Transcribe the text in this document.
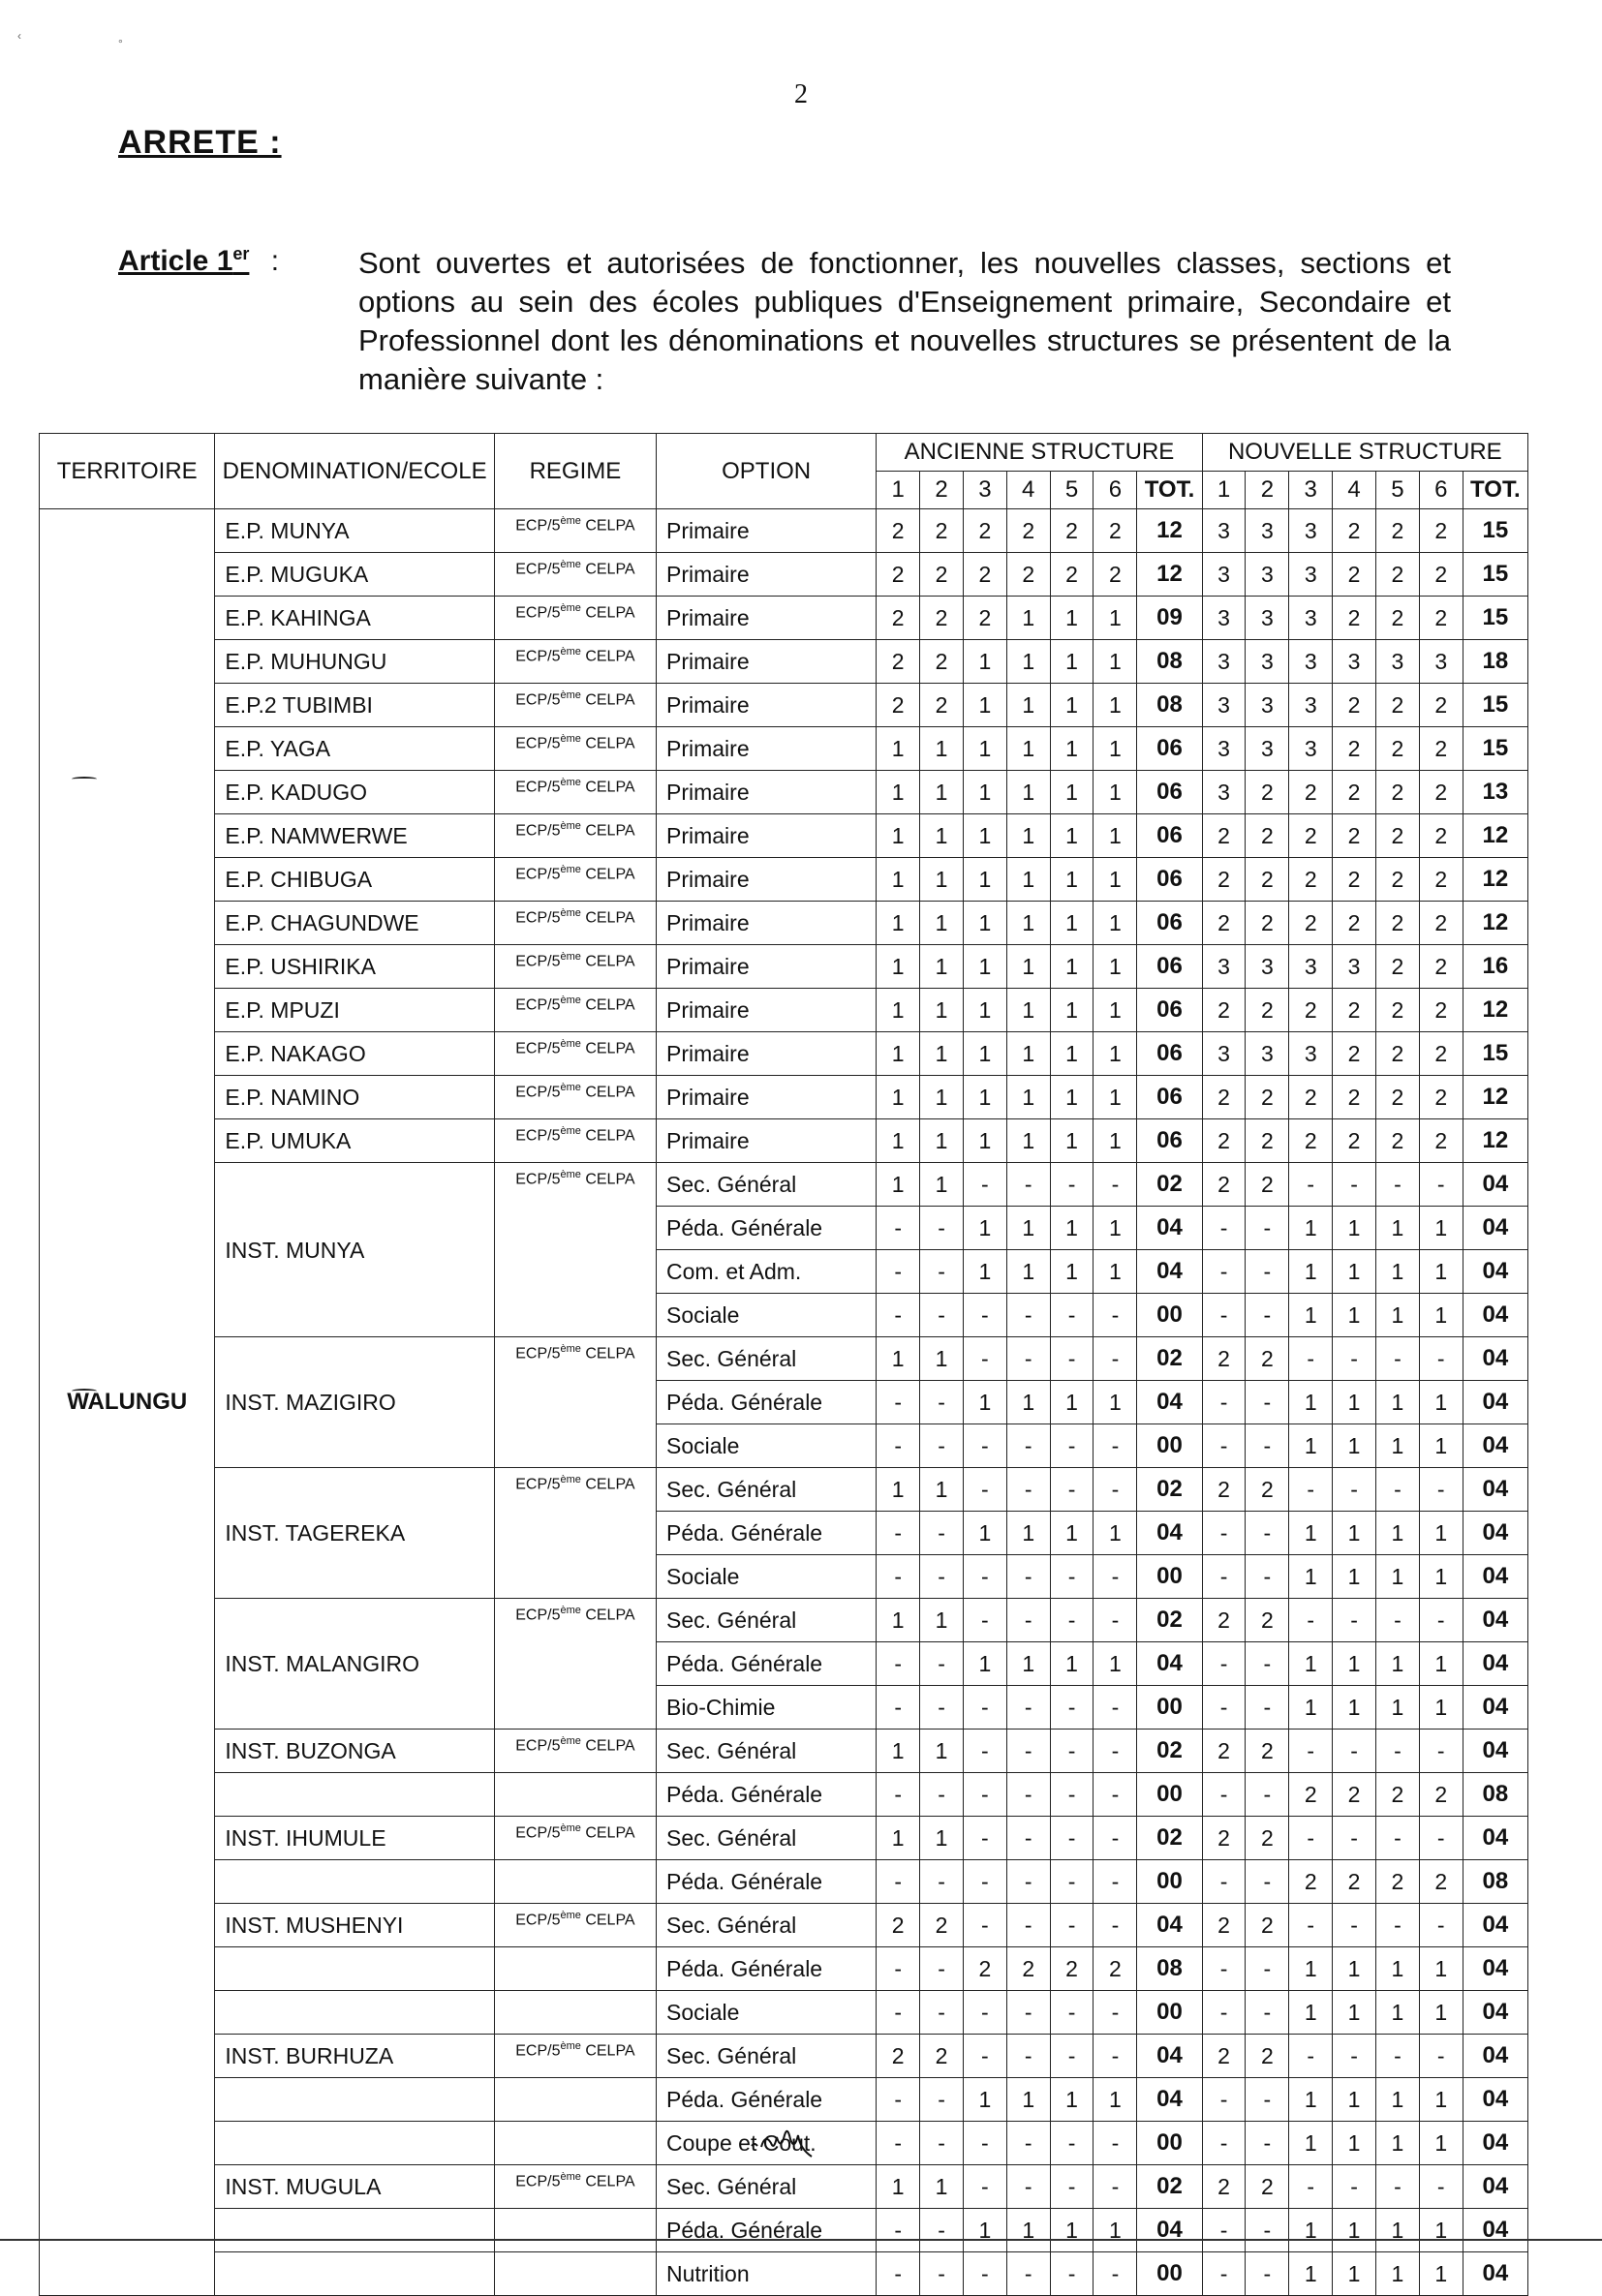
‹
°
2
ARRETE :
Article 1er :	Sont ouvertes et autorisées de fonctionner, les nouvelles classes, sections et options au sein des écoles publiques d'Enseignement primaire, Secondaire et Professionnel dont les dénominations et nouvelles structures se présentent de la manière suivante :
TERRITOIRE	DENOMINATION/ECOLE	REGIME	OPTION	ANCIENNE STRUCTURE							NOUVELLE STRUCTURE						
				1	2	3	4	5	6	TOT.	1	2	3	4	5	6	TOT.
WALUNGU	E.P. MUNYA	ECP/5ème CELPA	Primaire	2	2	2	2	2	2	12	3	3	3	2	2	2	15
	E.P. MUGUKA	ECP/5ème CELPA	Primaire	2	2	2	2	2	2	12	3	3	3	2	2	2	15
	E.P. KAHINGA	ECP/5ème CELPA	Primaire	2	2	2	1	1	1	09	3	3	3	2	2	2	15
	E.P. MUHUNGU	ECP/5ème CELPA	Primaire	2	2	1	1	1	1	08	3	3	3	3	3	3	18
	E.P.2 TUBIMBI	ECP/5ème CELPA	Primaire	2	2	1	1	1	1	08	3	3	3	2	2	2	15
	E.P. YAGA	ECP/5ème CELPA	Primaire	1	1	1	1	1	1	06	3	3	3	2	2	2	15
	E.P. KADUGO	ECP/5ème CELPA	Primaire	1	1	1	1	1	1	06	3	2	2	2	2	2	13
	E.P. NAMWERWE	ECP/5ème CELPA	Primaire	1	1	1	1	1	1	06	2	2	2	2	2	2	12
	E.P. CHIBUGA	ECP/5ème CELPA	Primaire	1	1	1	1	1	1	06	2	2	2	2	2	2	12
	E.P. CHAGUNDWE	ECP/5ème CELPA	Primaire	1	1	1	1	1	1	06	2	2	2	2	2	2	12
	E.P. USHIRIKA	ECP/5ème CELPA	Primaire	1	1	1	1	1	1	06	3	3	3	3	2	2	16
	E.P. MPUZI	ECP/5ème CELPA	Primaire	1	1	1	1	1	1	06	2	2	2	2	2	2	12
	E.P. NAKAGO	ECP/5ème CELPA	Primaire	1	1	1	1	1	1	06	3	3	3	2	2	2	15
	E.P. NAMINO	ECP/5ème CELPA	Primaire	1	1	1	1	1	1	06	2	2	2	2	2	2	12
	E.P. UMUKA	ECP/5ème CELPA	Primaire	1	1	1	1	1	1	06	2	2	2	2	2	2	12
	INST. MUNYA	ECP/5ème CELPA	Sec. Général	1	1	-	-	-	-	02	2	2	-	-	-	-	04
			Péda. Générale	-	-	1	1	1	1	04	-	-	1	1	1	1	04
			Com. et Adm.	-	-	1	1	1	1	04	-	-	1	1	1	1	04
			Sociale	-	-	-	-	-	-	00	-	-	1	1	1	1	04
	INST. MAZIGIRO	ECP/5ème CELPA	Sec. Général	1	1	-	-	-	-	02	2	2	-	-	-	-	04
			Péda. Générale	-	-	1	1	1	1	04	-	-	1	1	1	1	04
			Sociale	-	-	-	-	-	-	00	-	-	1	1	1	1	04
	INST. TAGEREKA	ECP/5ème CELPA	Sec. Général	1	1	-	-	-	-	02	2	2	-	-	-	-	04
			Péda. Générale	-	-	1	1	1	1	04	-	-	1	1	1	1	04
			Sociale	-	-	-	-	-	-	00	-	-	1	1	1	1	04
	INST. MALANGIRO	ECP/5ème CELPA	Sec. Général	1	1	-	-	-	-	02	2	2	-	-	-	-	04
			Péda. Générale	-	-	1	1	1	1	04	-	-	1	1	1	1	04
			Bio-Chimie	-	-	-	-	-	-	00	-	-	1	1	1	1	04
	INST. BUZONGA	ECP/5ème CELPA	Sec. Général	1	1	-	-	-	-	02	2	2	-	-	-	-	04
			Péda. Générale	-	-	-	-	-	-	00	-	-	2	2	2	2	08
	INST. IHUMULE	ECP/5ème CELPA	Sec. Général	1	1	-	-	-	-	02	2	2	-	-	-	-	04
			Péda. Générale	-	-	-	-	-	-	00	-	-	2	2	2	2	08
	INST. MUSHENYI	ECP/5ème CELPA	Sec. Général	2	2	-	-	-	-	04	2	2	-	-	-	-	04
			Péda. Générale	-	-	2	2	2	2	08	-	-	1	1	1	1	04
			Sociale	-	-	-	-	-	-	00	-	-	1	1	1	1	04
	INST. BURHUZA	ECP/5ème CELPA	Sec. Général	2	2	-	-	-	-	04	2	2	-	-	-	-	04
			Péda. Générale	-	-	1	1	1	1	04	-	-	1	1	1	1	04
			Coupe et Cout.	-	-	-	-	-	-	00	-	-	1	1	1	1	04
	INST. MUGULA	ECP/5ème CELPA	Sec. Général	1	1	-	-	-	-	02	2	2	-	-	-	-	04
			Péda. Générale	-	-	1	1	1	1	04	-	-	1	1	1	1	04
			Nutrition	-	-	-	-	-	-	00	-	-	1	1	1	1	04
